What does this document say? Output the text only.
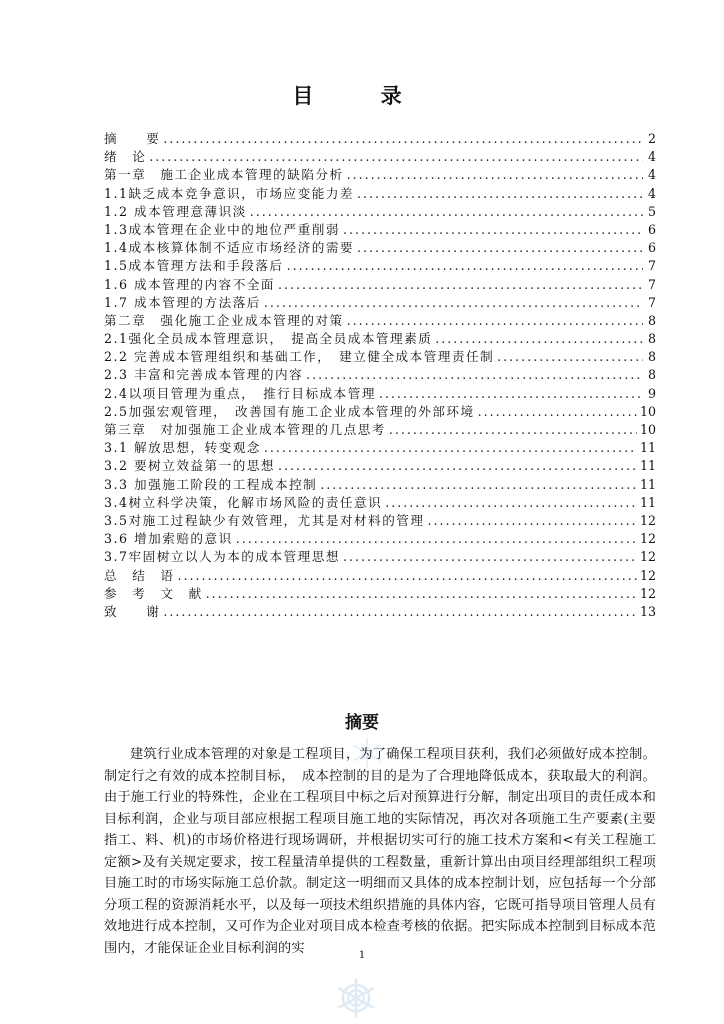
目 录
摘　　要 .....	2
绪　论 .....	4
第一章　施工企业成本管理的缺陷分析 .....	4
1.1缺乏成本竞争意识，市场应变能力差 .....	4
1.2 成本管理意薄识淡 .....	5
1.3成本管理在企业中的地位严重削弱 .....	6
1.4成本核算体制不适应市场经济的需要 .....	6
1.5成本管理方法和手段落后 .....	7
1.6 成本管理的内容不全面 .....	7
1.7 成本管理的方法落后 .....	7
第二章　强化施工企业成本管理的对策 .....	8
2.1强化全员成本管理意识，　提高全员成本管理素质 .....	8
2.2 完善成本管理组织和基础工作，　建立健全成本管理责任制 .....	8
2.3 丰富和完善成本管理的内容 .....	8
2.4以项目管理为重点，　推行目标成本管理 .....	9
2.5加强宏观管理，　改善国有施工企业成本管理的外部环境 .....	10
第三章　对加强施工企业成本管理的几点思考 .....	10
3.1 解放思想，转变观念 .....	11
3.2 要树立效益第一的思想 .....	11
3.3 加强施工阶段的工程成本控制 .....	11
3.4树立科学决策，化解市场风险的责任意识 .....	11
3.5对施工过程缺少有效管理，尤其是对材料的管理 .....	12
3.6 增加索赔的意识 .....	12
3.7牢固树立以人为本的成本管理思想 .....	12
总　结　语 .....	12
参　考　文　献 .....	12
致　　谢 .....	13
摘要
建筑行业成本管理的对象是工程项目，为了确保工程项目获利，我们必须做好成本控制。制定行之有效的成本控制目标，　成本控制的目的是为了合理地降低成本，获取最大的利润。由于施工行业的特殊性，企业在工程项目中标之后对预算进行分解，制定出项目的责任成本和目标利润，企业与项目部应根据工程项目施工地的实际情况，再次对各项施工生产要素(主要指工、料、机)的市场价格进行现场调研，并根据切实可行的施工技术方案和<有关工程施工定额>及有关规定要求，按工程量清单提供的工程数量，重新计算出由项目经理部组织工程项目施工时的市场实际施工总价款。制定这一明细而又具体的成本控制计划，应包括每一个分部分项工程的资源消耗水平，以及每一项技术组织措施的具体内容，它既可指导项目管理人员有效地进行成本控制，又可作为企业对项目成本检查考核的依据。把实际成本控制到目标成本范围内，才能保证企业目标利润的实	1
